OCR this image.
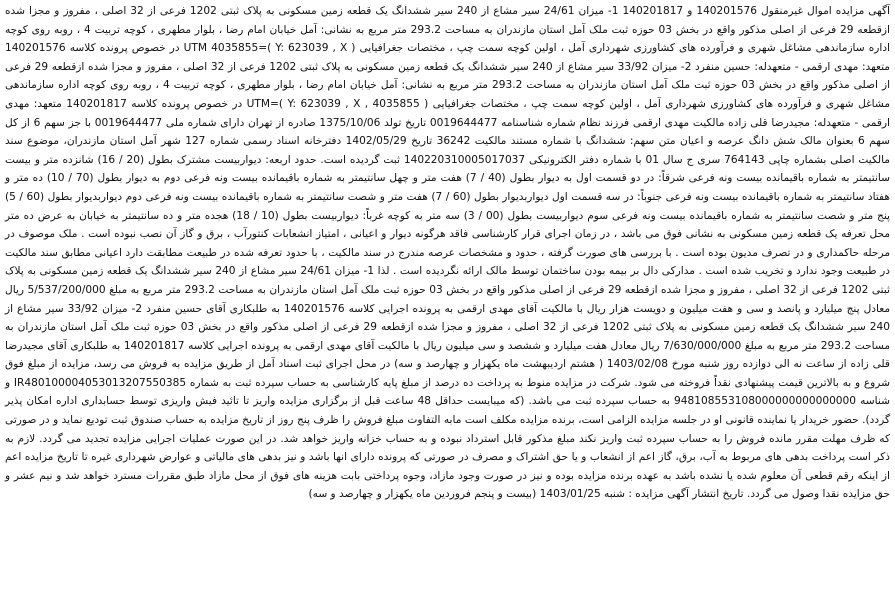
آگهی مزایده اموال غیرمنقول 140201576 و 140201817 1- میزان 24/61 سیر مشاع از 240 سیر ششدانگ یک قطعه زمین مسکونی به پلاک ثبتی 1202 فرعی از 32 اصلی ، مفروز و مجزا شده ازقطعه 29 فرعی از اصلی مذکور واقع در بخش 03 حوزه ثبت ملک آمل استان مازندران به مساحت 293.2 متر مربع به نشانی: آمل خیابان امام رضا ، بلوار مطهری ، کوچه تربیت 4 ، روبه روی کوچه اداره سازماندهی مشاغل شهری و فرآورده های کشاورزی شهرداری آمل ، اولین کوچه سمت چپ ، مختصات جغرافیایی ( Y: 623039 , X )=UTM 4035855 در خصوص پرونده کلاسه 140201576 متعهد: مهدی ارقمی - متعهدله: حسین منفرد 2- میزان 33/92 سیر مشاع از 240 سیر ششدانگ یک قطعه زمین مسکونی به پلاک ثبتی 1202 فرعی از 32 اصلی ، مفروز و مجزا شده ازقطعه 29 فرعی از اصلی مذکور واقع در بخش 03 حوزه ثبت ملک آمل استان مازندران به مساحت 293.2 متر مربع به نشانی: آمل خیابان امام رضا ، بلوار مطهری ، کوچه تربیت 4 ، روبه روی کوچه اداره سازماندهی مشاغل شهری و فرآورده های کشاورزی شهرداری آمل ، اولین کوچه سمت چپ ، مختصات جغرافیایی ( 4035855 , Y: 623039 , X )=UTM در خصوص پرونده کلاسه 140201817 متعهد: مهدی ارقمی - متعهدله: مجیدرضا قلی زاده مالکیت مهدی ارقمی فرزند نظام شماره شناسنامه 0019644477 تاریخ تولد 1375/10/06 صادره از تهران دارای شماره ملی 0019644477 با جز سهم 6 از کل سهم 6 بعنوان مالک شش دانگ عرصه و اعیان متن سهم: ششدانگ با شماره مستند مالکیت 36242 تاریخ 1402/05/29 دفترخانه اسناد رسمی شماره 127 شهر آمل استان مازندران، موضوع سند مالکیت اصلی بشماره چاپی 764143 سری ج سال 01 با شماره دفتر الکترونیکی 140220310005017037 ثبت گردیده است. حدود اربعه: دیواربیست مشترک بطول (20 / 16) شانزده متر و بیست سانتیمتر به شماره باقیمانده بیست ونه فرعی شرقاً: در دو قسمت اول به دیوار بطول (40 / 7) هفت متر و چهل سانتیمتر به شماره باقیمانده بیست ونه فرعی دوم به دیوار بطول (70 / 10) ده متر و هفتاد سانتیمتر به شماره باقیمانده بیست ونه فرعی جنوباً: در سه قسمت اول دیواربدیوار بطول (60 / 7) هفت متر و شصت سانتیمتر به شماره باقیمانده بیست ونه فرعی دوم دیواربدیوار بطول (60 / 5) پنج متر و شصت سانتیمتر به شماره باقیمانده بیست ونه فرعی سوم دیواربیست بطول (00 / 3) سه متر به کوچه غرباً: دیواربیست بطول (10 / 18) هجده متر و ده سانتیمتر به خیابان به عرض ده متر محل تعرفه یک قطعه زمین مسکونی به نشانی فوق می باشد ، در زمان اجرای قرار کارشناسی فاقد هرگونه دیوار و اعیانی ، امتیاز انشعابات کنتورآب ، برق و گاز آن نصب نبوده است . ملک موصوف در مرحله حاکمداری و در تصرف مدیون بوده است . با بررسی های صورت گرفته ، حدود و مشخصات عرصه مندرج در سند مالکیت ، با حدود تعرفه شده در طبیعت مطابقت دارد اعیانی مطابق سند مالکیت در طبیعت وجود ندارد و تخریب شده است . مدارکی دال بر بیمه بودن ساختمان توسط مالک ارائه نگردیده است . لذا 1- میزان 24/61 سیر مشاع از 240 سیر ششدانگ یک قطعه زمین مسکونی به پلاک ثبتی 1202 فرعی از 32 اصلی ، مفروز و مجزا شده ازقطعه 29 فرعی از اصلی مذکور واقع در بخش 03 حوزه ثبت ملک آمل استان مازندران به مساحت 293.2 متر مربع به مبلغ 5/537/200/000 ریال معادل پنج میلیارد و پانصد و سی و هفت میلیون و دویست هزار ریال با مالکیت آقای مهدی ارقمی به پرونده اجرایی کلاسه 140201576 به طلبکاری آقای حسین منفرد 2- میزان 33/92 سیر مشاع از 240 سیر ششدانگ یک قطعه زمین مسکونی به پلاک ثبتی 1202 فرعی از 32 اصلی ، مفروز و مجزا شده ازقطعه 29 فرعی از اصلی مذکور واقع در بخش 03 حوزه ثبت ملک آمل استان مازندران به مساحت 293.2 متر مربع به مبلغ 7/630/000/000 ریال معادل هفت میلیارد و ششصد و سی میلیون ریال با مالکیت آقای مهدی ارقمی به پرونده اجرایی کلاسه 140201817 به طلبکاری آقای مجیدرضا قلی زاده از ساعت نه الی دوازده روز شنبه مورخ 1403/02/08 ( هشتم اردیبهشت ماه یکهزار و چهارصد و سه) در محل اجرای ثبت اسناد آمل از طریق مزایده به فروش می رسد، مزایده از مبلغ فوق شروع و به بالاترین قیمت پیشنهادی نقداً فروخته می شود. شرکت در مزایده منوط به پرداخت ده درصد از مبلغ پایه کارشناسی به حساب سپرده ثبت به شماره IR480100004053013207550385 و شناسه 948108553108000000000000000 به حساب سپرده ثبت می باشد. (که میبایست حداقل 48 ساعت قبل از برگزاری مزایده واریز تا تائید فیش واریزی توسط حسابداری اداره امکان پذیر گردد). حضور خریدار یا نماینده قانونی او در جلسه مزایده الزامی است، برنده مزایده مکلف است مابه التفاوت مبلغ فروش را ظرف پنج روز از تاریخ مزایده به حساب صندوق ثبت تودیع نماید و در صورتی که ظرف مهلت مقرر مانده فروش را به حساب سپرده ثبت واریز نکند مبلغ مذکور قابل استرداد نبوده و به حساب خزانه واریز خواهد شد. در این صورت عملیات اجرایی مزایده تجدید می گردد. لازم به ذکر است پرداخت بدهی های مربوط به آب، برق، گاز اعم از انشعاب و یا حق اشتراک و مصرف در صورتی که پرونده دارای انها باشد و نیز بدهی های مالیاتی و عوارض شهرداری غیره تا تاریخ مزایده اعم از اینکه رقم قطعی آن معلوم شده یا نشده باشد به عهده برنده مزایده بوده و نیز در صورت وجود مازاد، وجوه پرداختی بابت هزینه های فوق از محل مازاد طبق مقررات مسترد خواهد شد و نیم عشر و حق مزایده نقدا وصول می گردد. تاریخ انتشار آگهی مزایده : شنبه 1403/01/25 (بیست و پنجم فروردین ماه یکهزار و چهارصد و سه)
